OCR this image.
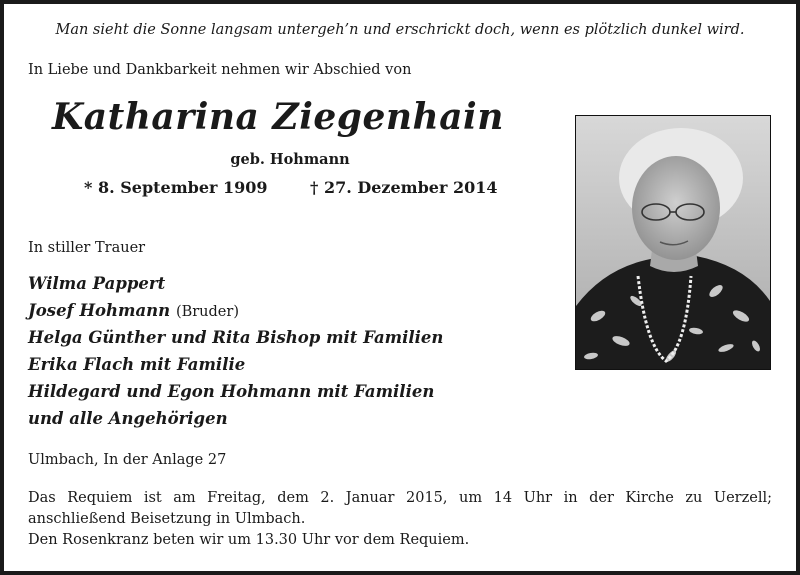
Man sieht die Sonne langsam untergeh’n und erschrickt doch, wenn es plötzlich dunkel wird.
In Liebe und Dankbarkeit nehmen wir Abschied von
Katharina Ziegenhain
geb. Hohmann
* 8. September 1909	† 27. Dezember 2014
In stiller Trauer
Wilma Pappert
Josef Hohmann (Bruder)
Helga Günther und Rita Bishop mit Familien
Erika Flach mit Familie
Hildegard und Egon Hohmann mit Familien
und alle Angehörigen
Ulmbach, In der Anlage 27
Das Requiem ist am Freitag, dem 2. Januar 2015, um 14 Uhr in der Kirche zu Uerzell;
anschließend Beisetzung in Ulmbach.
Den Rosenkranz beten wir um 13.30 Uhr vor dem Requiem.
